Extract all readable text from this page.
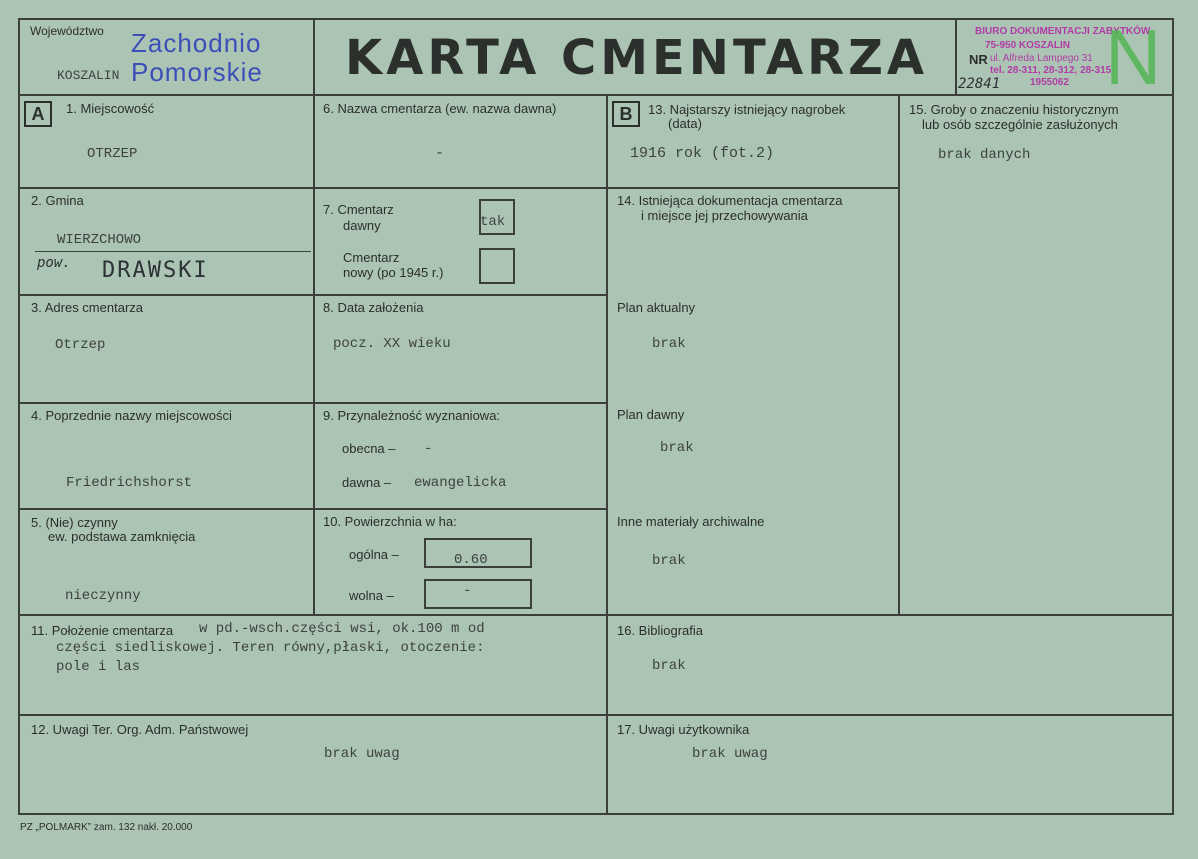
Województwo
KOSZALIN
Zachodnio
Pomorskie KARTA CMENTARZA	NR
22841
BIURO DOKUMENTACJI ZABYTKÓW
75-950 KOSZALIN
ul. Alfreda Lampego 31
tel. 28-311, 28-312, 28-315
1955062 N
A	B
1. Miejscowość
OTRZEP
2. Gmina
WIERZCHOWO
pow. DRAWSKI
3. Adres cmentarza
Otrzep
4. Poprzednie nazwy miejscowości
Friedrichshorst
5. (Nie) czynny
ew. podstawa zamknięcia
nieczynny
6. Nazwa cmentarza (ew. nazwa dawna)
-
7. Cmentarz
dawny	tak
Cmentarz
nowy (po 1945 r.)
8. Data założenia
pocz. XX wieku
9. Przynależność wyznaniowa:
obecna – -
dawna – ewangelicka
10. Powierzchnia w ha:
ogólna –	0.60
wolna –	-
13. Najstarszy istniejący nagrobek
(data)
1916 rok (fot.2)
14. Istniejąca dokumentacja cmentarza
i miejsce jej przechowywania
Plan aktualny
brak
Plan dawny
brak
Inne materiały archiwalne
brak
15. Groby o znaczeniu historycznym
lub osób szczególnie zasłużonych
brak danych
11. Położenie cmentarza w pd.-wsch.części wsi, ok.100 m od
części siedliskowej. Teren równy,płaski, otoczenie:
pole i las
16. Bibliografia
brak
12. Uwagi Ter. Org. Adm. Państwowej
brak uwag
17. Uwagi użytkownika
brak uwag
PZ „POLMARK” zam. 132 nakł. 20.000
